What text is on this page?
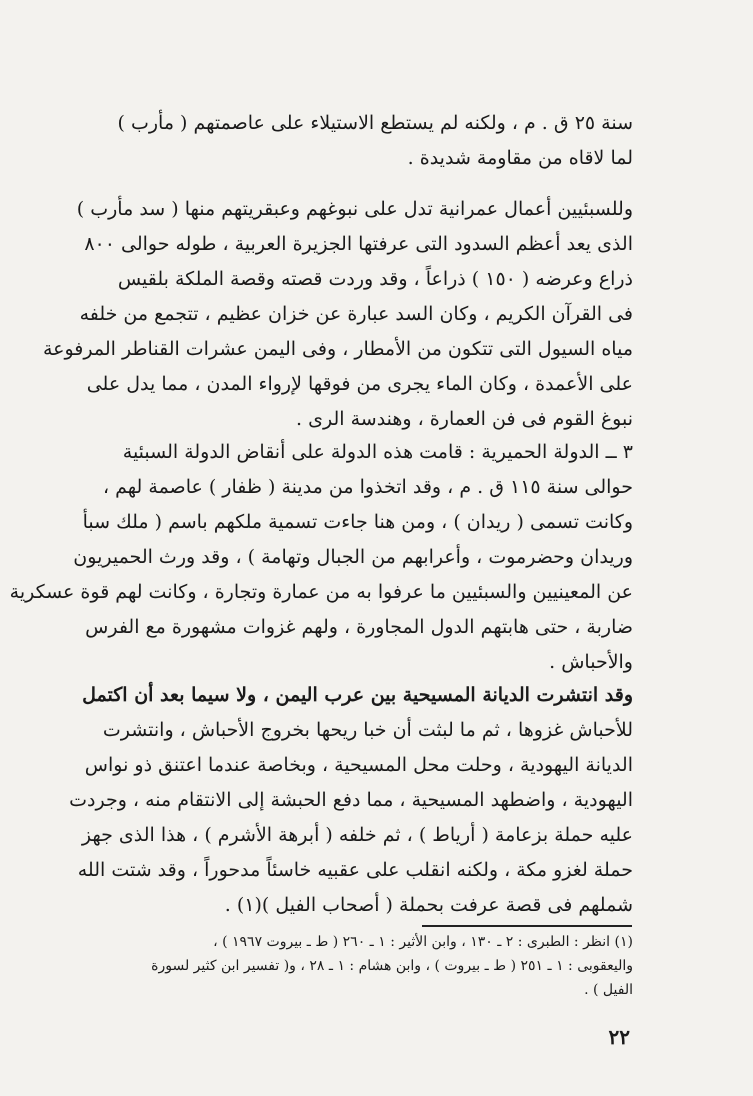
سنة ٢٥ ق . م ، ولكنه لم يستطع الاستيلاء على عاصمتهم ( مأرب )
لما لاقاه من مقاومة شديدة .
وللسبئيين أعمال عمرانية تدل على نبوغهم وعبقريتهم منها ( سد مأرب )
الذى يعد أعظم السدود التى عرفتها الجزيرة العربية ، طوله حوالى ٨٠٠
ذراع وعرضه ( ١٥٠ ) ذراعاً ، وقد وردت قصته وقصة الملكة بلقيس
فى القرآن الكريم ، وكان السد عبارة عن خزان عظيم ، تتجمع من خلفه
مياه السيول التى تتكون من الأمطار ، وفى اليمن عشرات القناطر المرفوعة
على الأعمدة ، وكان الماء يجرى من فوقها لإرواء المدن ، مما يدل على
نبوغ القوم فى فن العمارة ، وهندسة الرى .
٣ ــ الدولة الحميرية : قامت هذه الدولة على أنقاض الدولة السبئية
حوالى سنة ١١٥ ق . م ، وقد اتخذوا من مدينة ( ظفار ) عاصمة لهم ،
وكانت تسمى ( ريدان ) ، ومن هنا جاءت تسمية ملكهم باسم ( ملك سبأ
وريدان وحضرموت ، وأعرابهم من الجبال وتهامة ) ، وقد ورث الحميريون
عن المعينيين والسبئيين ما عرفوا به من عمارة وتجارة ، وكانت لهم قوة عسكرية
ضاربة ، حتى هابتهم الدول المجاورة ، ولهم غزوات مشهورة مع الفرس
والأحباش .
وقد انتشرت الديانة المسيحية بين عرب اليمن ، ولا سيما بعد أن اكتمل
للأحباش غزوها ، ثم ما لبثت أن خبا ريحها بخروج الأحباش ، وانتشرت
الديانة اليهودية ، وحلت محل المسيحية ، وبخاصة عندما اعتنق ذو نواس
اليهودية ، واضطهد المسيحية ، مما دفع الحبشة إلى الانتقام منه ، وجردت
عليه حملة بزعامة ( أرياط ) ، ثم خلفه ( أبرهة الأشرم ) ، هذا الذى جهز
حملة لغزو مكة ، ولكنه انقلب على عقبيه خاسئاً مدحوراً ، وقد شتت الله
شملهم فى قصة عرفت بحملة ( أصحاب الفيل )(١) .
(١) انظر : الطبرى : ٢ ـ ١٣٠ ، وابن الأثير : ١ ـ ٢٦٠ ( ط ـ بيروت ١٩٦٧ ) ،
واليعقوبى : ١ ـ ٢٥١ ( ط ـ بيروت ) ، وابن هشام : ١ ـ ٢٨ ، و( تفسير ابن كثير لسورة
الفيل ) .
٢٢
